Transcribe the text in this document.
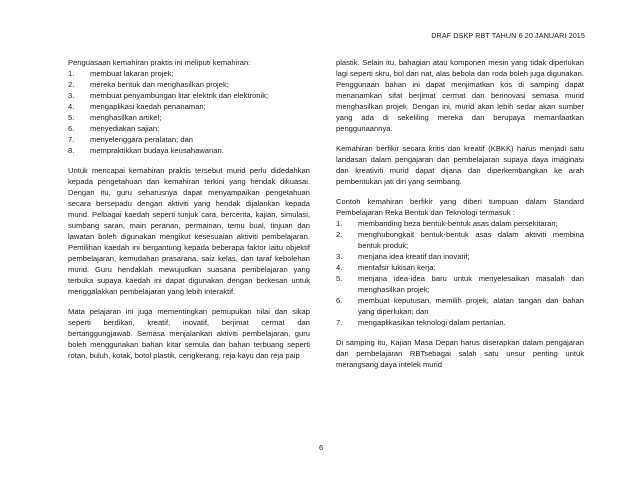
DRAF DSKP RBT TAHUN 6 20 JANUARI 2015

Penguasaan kemahiran praktis ini meliputi kemahiran:

1.	membuat lakaran projek;
2.	mereka bentuk dan menghasilkan projek;
3.	membuat penyambungan litar elektrik dan elektronik;
4.	mengaplikasi kaedah penanaman;
5.	menghasilkan artikel;
6.	menyediakan sajian;
7.	menyelenggara peralatan; dan
8.	mempraktikkan budaya keusahawanan.

Untuk mencapai kemahiran praktis tersebut murid perlu didedahkan kepada pengetahuan dan kemahiran terkini yang hendak dikuasai. Dengan itu, guru seharusnya dapat menyampaikan pengetahuan secara bersepadu dengan aktiviti yang hendak dijalankan kepada murid. Pelbagai kaedah seperti tunjuk cara, bercerita, kajian, simulasi, sumbang saran, main peranan, permainan, temu bual, tinjuan dan lawatan boleh digunakan mengikut kesesuaian aktiviti pembelajaran. Pemilihan kaedah ini bergantung kepada beberapa faktor iaitu objektif pembelajaran, kemudahan prasarana, saiz kelas, dan taraf kebolehan murid. Guru hendaklah mewujudkan suasana pembelajaran yang terbuka supaya kaedah ini dapat digunakan dengan berkesan untuk menggalakkan pembelajaran yang lebih interaktif.

Mata pelajaran ini juga mementingkan pemupukan nilai dan sikap seperti berdikari, kreatif, inovatif, berjimat cermat dan bertanggungjawab. Semasa menjalankan aktiviti pembelajaran, guru boleh menggunakan bahan kitar semula dan bahan terbuang seperti rotan, buluh, kotak, botol plastik, cengkerang, reja kayu dan reja paip

plastik. Selain itu, bahagian atau komponen mesin yang tidak diperlukan lagi seperti skru, bol dan nat, alas bebola dan roda boleh juga digunakan. Penggunaan bahan ini dapat menjimatkan kos di samping dapat menanamkan sifat berjimat cermat dan berinovasi semasa murid menghasilkan projek. Dengan ini, murid akan lebih sedar akan sumber yang ada di sekeliling mereka dan berupaya memanfaatkan penggunaannya.

Kemahiran berfikir secara kritis dan kreatif (KBKK) harus menjadi satu landasan dalam pengajaran dan pembelajaran supaya daya imaginasi dan kreativiti murid dapat dijana dan diperkembangkan ke arah pembentukan jati diri yang seimbang.

Contoh kemahiran berfikir yang diberi tumpuan dalam Standard Pembelajaran Reka Bentuk dan Teknologi termasuk :

1.	membanding beza bentuk-bentuk asas dalam persekitaran;
2.	menghubungkait bentuk-bentuk asas dalam aktiviti membina bentuk produk;
3.	menjana idea kreatif dan inovatif;
4.	mentafsir lukisan kerja;
5.	menjana idea-idea baru untuk menyelesaikan masalah dan menghasilkan projek;
6.	membuat keputusan, memilih projek, alatan tangan dan bahan yang diperlukan; dan
7.	mengaplikasikan teknologi dalam pertanian.

Di samping itu, Kajian Masa Depan harus diserapkan dalam pengajaran dan pembelajaran RBTsebagai salah satu unsur penting untuk merangsang daya intelek murid

6
